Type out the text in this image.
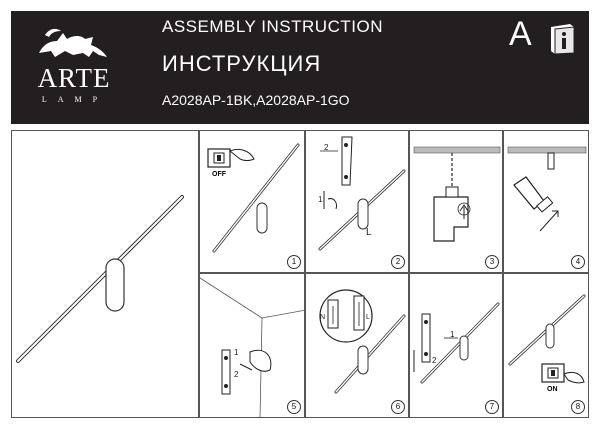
ARTE
LAMP
ASSEMBLY INSTRUCTION
ИНСТРУКЦИЯ
A2028AP-1BK,A2028AP-1GO
A
OFF
1
2
1
L
2	3	4
1
2
5
N	L
6
1
2
7
ON
8
